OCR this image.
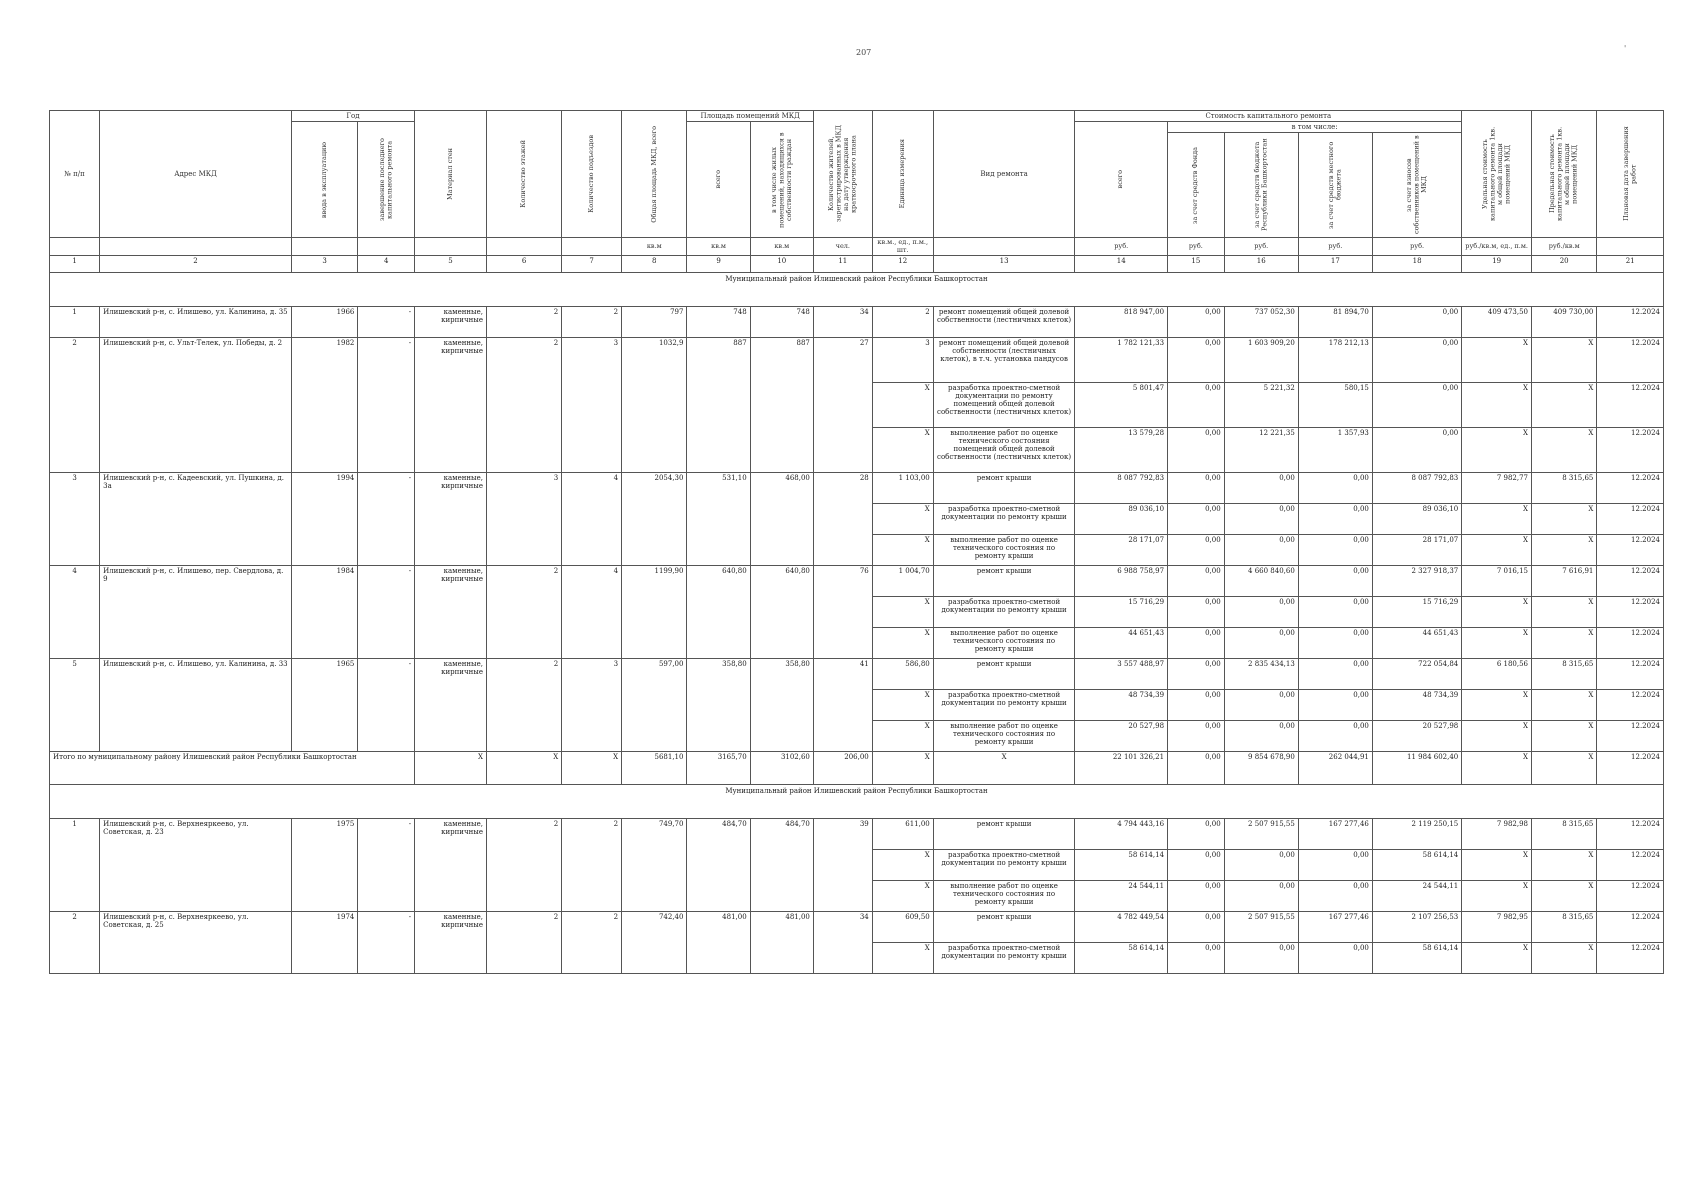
207	'
№ п/п	Адрес МКД	Год		Материал стен	Количество этажей	Количество подъездов	Общая площадь МКД, всего	Площадь помещений МКД		Количество жителей, зарегистрированных в МКД на дату утверждения краткосрочного плана	Единица измерения	Вид ремонта	Стоимость капитального ремонта					Удельная стоимость капитального ремонта 1кв. м общей площади помещений МКД	Предельная стоимость капитального ремонта 1кв. м общей площади помещений МКД	Плановая дата завершения работ

		ввода в эксплуатацию	завершение последнего капитального ремонта					всего	в том числе жилых помещений, находящихся в собственности граждан				всего	в том числе:						

														за счет средств Фонда	за счет средств бюджета Республики Башкортостан	за счет средств местного бюджета	за счет взносов собственников помещений в МКД			

							кв.м	кв.м	кв.м	чел.	кв.м., ед., п.м., шт.		руб.	руб.	руб.	руб.	руб.	руб./кв.м, ед., п.м.	руб./кв.м	
1	2	3	4	5	6	7	8	9	10	11	12	13	14	15	16	17	18	19	20	21
Муниципальный район Илишевский район Республики Башкортостан																				
1	Илишевский р-н, с. Илишево, ул. Калинина, д. 35	1966	-	каменные, кирпичные	2	2	797	748	748	34	2	ремонт помещений общей долевой собственности (лестничных клеток)	818 947,00	0,00	737 052,30	81 894,70	0,00	409 473,50	409 730,00	12.2024
2	Илишевский р-н, с. Ульт-Телек, ул. Победы, д. 2	1982	-	каменные, кирпичные	2	3	1032,9	887	887	27	3	ремонт помещений общей долевой собственности (лестничных клеток), в т.ч. установка пандусов	1 782 121,33	0,00	1 603 909,20	178 212,13	0,00	X	X	12.2024
											X	разработка проектно-сметной документации по ремонту помещений общей долевой собственности (лестничных клеток)	5 801,47	0,00	5 221,32	580,15	0,00	X	X	12.2024
											X	выполнение работ по оценке технического состояния помещений общей долевой собственности (лестничных клеток)	13 579,28	0,00	12 221,35	1 357,93	0,00	X	X	12.2024
3	Илишевский р-н, с. Кадеевский, ул. Пушкина, д. 3а	1994	-	каменные, кирпичные	3	4	2054,30	531,10	468,00	28	1 103,00	ремонт крыши	8 087 792,83	0,00	0,00	0,00	8 087 792,83	7 982,77	8 315,65	12.2024
											X	разработка проектно-сметной документации по ремонту крыши	89 036,10	0,00	0,00	0,00	89 036,10	X	X	12.2024
											X	выполнение работ по оценке технического состояния по ремонту крыши	28 171,07	0,00	0,00	0,00	28 171,07	X	X	12.2024
4	Илишевский р-н, с. Илишево, пер. Свердлова, д. 9	1984	-	каменные, кирпичные	2	4	1199,90	640,80	640,80	76	1 004,70	ремонт крыши	6 988 758,97	0,00	4 660 840,60	0,00	2 327 918,37	7 016,15	7 616,91	12.2024
											X	разработка проектно-сметной документации по ремонту крыши	15 716,29	0,00	0,00	0,00	15 716,29	X	X	12.2024
											X	выполнение работ по оценке технического состояния по ремонту крыши	44 651,43	0,00	0,00	0,00	44 651,43	X	X	12.2024
5	Илишевский р-н, с. Илишево, ул. Калинина, д. 33	1965	-	каменные, кирпичные	2	3	597,00	358,80	358,80	41	586,80	ремонт крыши	3 557 488,97	0,00	2 835 434,13	0,00	722 054,84	6 180,56	8 315,65	12.2024
											X	разработка проектно-сметной документации по ремонту крыши	48 734,39	0,00	0,00	0,00	48 734,39	X	X	12.2024
											X	выполнение работ по оценке технического состояния по ремонту крыши	20 527,98	0,00	0,00	0,00	20 527,98	X	X	12.2024
Итого по муниципальному району Илишевский район Республики Башкортостан				X	X	X	5681,10	3165,70	3102,60	206,00	X	X	22 101 326,21	0,00	9 854 678,90	262 044,91	11 984 602,40	X	X	12.2024
Муниципальный район Илишевский район Республики Башкортостан																				
1	Илишевский р-н, с. Верхнеяркеево, ул. Советская, д. 23	1975	-	каменные, кирпичные	2	2	749,70	484,70	484,70	39	611,00	ремонт крыши	4 794 443,16	0,00	2 507 915,55	167 277,46	2 119 250,15	7 982,98	8 315,65	12.2024
											X	разработка проектно-сметной документации по ремонту крыши	58 614,14	0,00	0,00	0,00	58 614,14	X	X	12.2024
											X	выполнение работ по оценке технического состояния по ремонту крыши	24 544,11	0,00	0,00	0,00	24 544,11	X	X	12.2024
2	Илишевский р-н, с. Верхнеяркеево, ул. Советская, д. 25	1974	-	каменные, кирпичные	2	2	742,40	481,00	481,00	34	609,50	ремонт крыши	4 782 449,54	0,00	2 507 915,55	167 277,46	2 107 256,53	7 982,95	8 315,65	12.2024
											X	разработка проектно-сметной документации по ремонту крыши	58 614,14	0,00	0,00	0,00	58 614,14	X	X	12.2024
